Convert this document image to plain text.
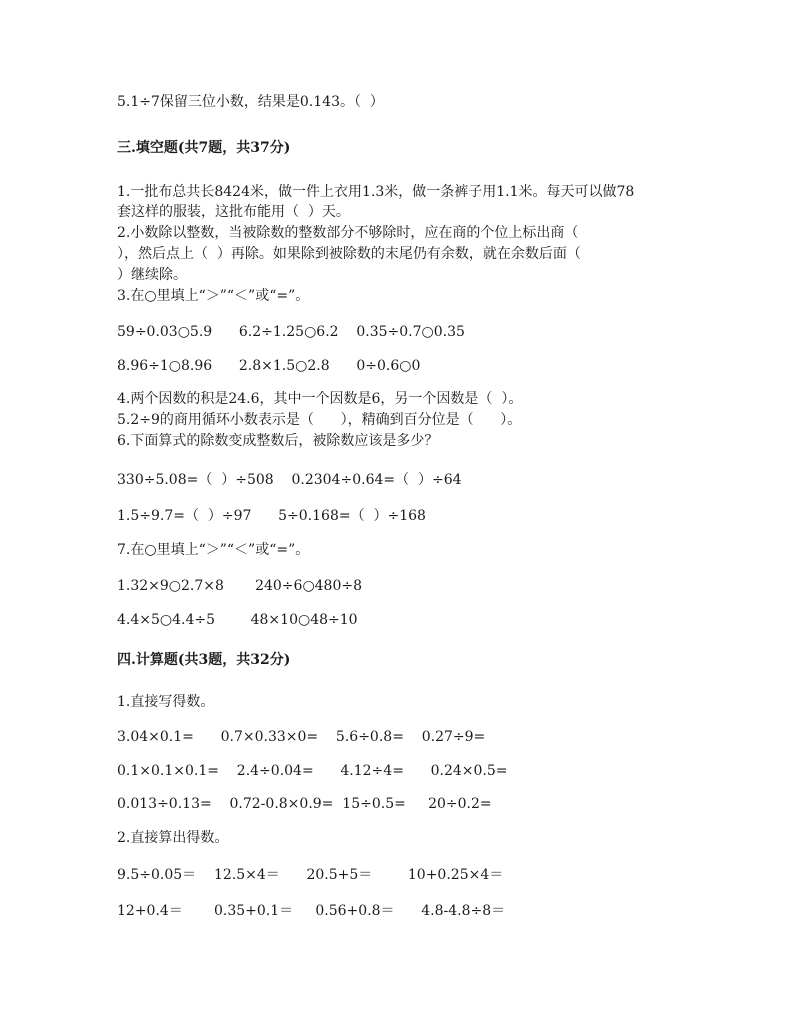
5.1÷7保留三位小数，结果是0.143。（  ）
三.填空题(共7题，共37分)
1.一批布总共长8424米，做一件上衣用1.3米，做一条裤子用1.1米。每天可以做78
套这样的服装，这批布能用（  ）天。
2.小数除以整数，当被除数的整数部分不够除时，应在商的个位上标出商（
），然后点上（  ）再除。如果除到被除数的末尾仍有余数，就在余数后面（
）继续除。
3.在○里填上“＞”“＜”或“=”。
59÷0.03○5.9      6.2÷1.25○6.2    0.35÷0.7○0.35
8.96÷1○8.96      2.8×1.5○2.8      0÷0.6○0
4.两个因数的积是24.6，其中一个因数是6，另一个因数是（  ）。
5.2÷9的商用循环小数表示是（      ），精确到百分位是（      ）。
6.下面算式的除数变成整数后，被除数应该是多少？
330÷5.08=（  ）÷508    0.2304÷0.64=（  ）÷64
1.5÷9.7=（  ）÷97      5÷0.168=（  ）÷168
7.在○里填上“＞”“＜”或“=”。
1.32×9○2.7×8       240÷6○480÷8
4.4×5○4.4÷5        48×10○48÷10
四.计算题(共3题，共32分)
1.直接写得数。
3.04×0.1=      0.7×0.33×0=    5.6÷0.8=    0.27÷9=
0.1×0.1×0.1=    2.4÷0.04=      4.12÷4=      0.24×0.5=
0.013÷0.13=    0.72-0.8×0.9=  15÷0.5=     20÷0.2=
2.直接算出得数。
9.5÷0.05＝    12.5×4＝      20.5+5＝        10+0.25×4＝
12+0.4＝       0.35+0.1＝     0.56+0.8＝      4.8-4.8÷8＝
